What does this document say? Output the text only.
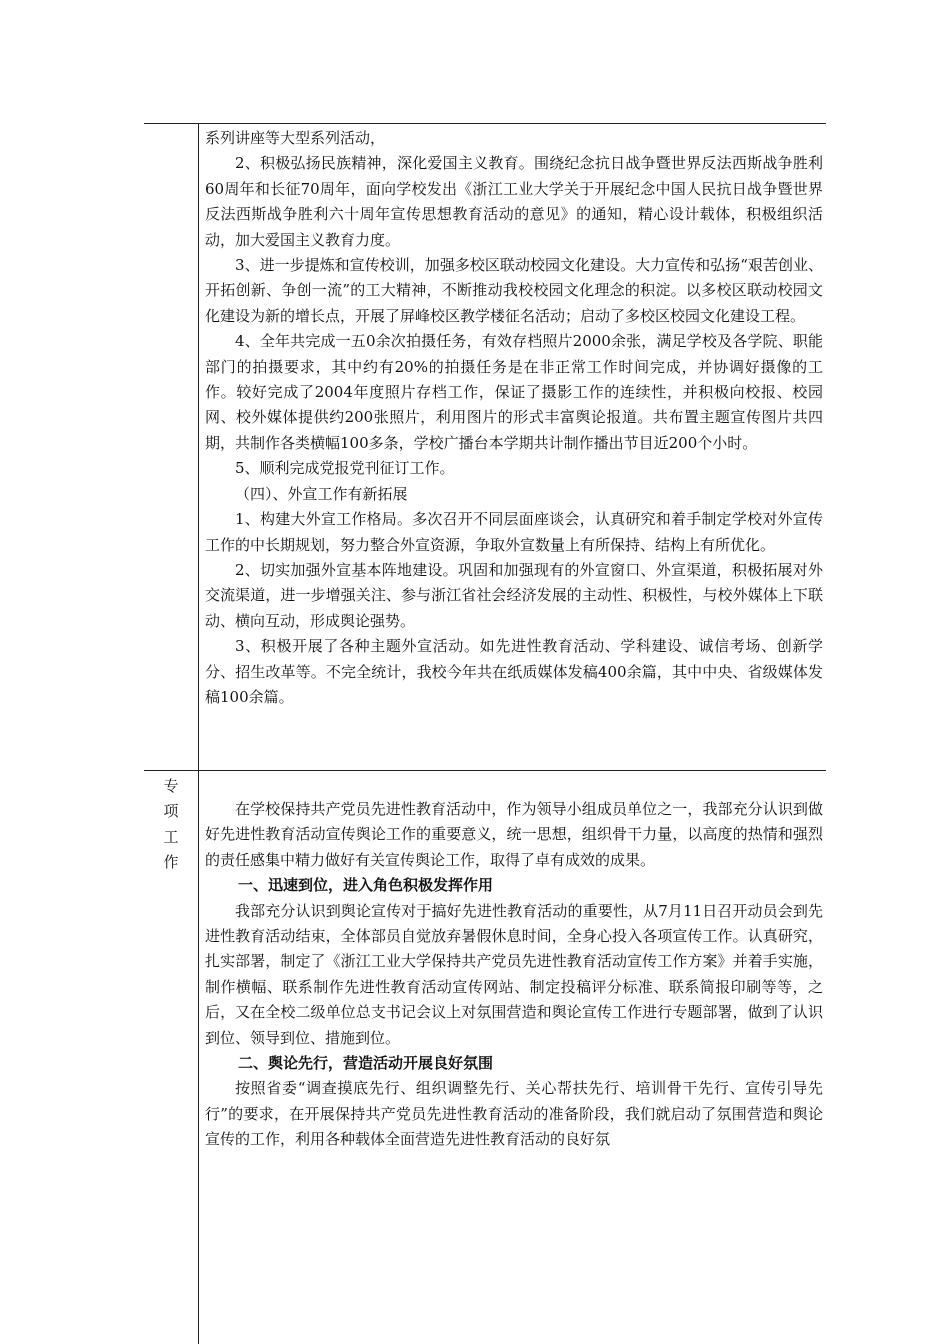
系列讲座等大型系列活动，

2、积极弘扬民族精神，深化爱国主义教育。围绕纪念抗日战争暨世界反法西斯战争胜利60周年和长征70周年，面向学校发出《浙江工业大学关于开展纪念中国人民抗日战争暨世界反法西斯战争胜利六十周年宣传思想教育活动的意见》的通知，精心设计载体，积极组织活动，加大爱国主义教育力度。

3、进一步提炼和宣传校训，加强多校区联动校园文化建设。大力宣传和弘扬“艰苦创业、开拓创新、争创一流”的工大精神，不断推动我校校园文化理念的积淀。以多校区联动校园文化建设为新的增长点，开展了屏峰校区教学楼征名活动；启动了多校区校园文化建设工程。

4、全年共完成一五0余次拍摄任务，有效存档照片2000余张，满足学校及各学院、职能部门的拍摄要求，其中约有20%的拍摄任务是在非正常工作时间完成，并协调好摄像的工作。较好完成了2004年度照片存档工作，保证了摄影工作的连续性，并积极向校报、校园网、校外媒体提供约200张照片，利用图片的形式丰富舆论报道。共布置主题宣传图片共四期，共制作各类横幅100多条，学校广播台本学期共计制作播出节目近200个小时。

5、顺利完成党报党刊征订工作。

（四）、外宣工作有新拓展

1、构建大外宣工作格局。多次召开不同层面座谈会，认真研究和着手制定学校对外宣传工作的中长期规划，努力整合外宣资源，争取外宣数量上有所保持、结构上有所优化。

2、切实加强外宣基本阵地建设。巩固和加强现有的外宣窗口、外宣渠道，积极拓展对外交流渠道，进一步增强关注、参与浙江省社会经济发展的主动性、积极性，与校外媒体上下联动、横向互动，形成舆论强势。

3、积极开展了各种主题外宣活动。如先进性教育活动、学科建设、诚信考场、创新学分、招生改革等。不完全统计，我校今年共在纸质媒体发稿400余篇，其中中央、省级媒体发稿100余篇。

专
项
工
作

在学校保持共产党员先进性教育活动中，作为领导小组成员单位之一，我部充分认识到做好先进性教育活动宣传舆论工作的重要意义，统一思想，组织骨干力量，以高度的热情和强烈的责任感集中精力做好有关宣传舆论工作，取得了卓有成效的成果。

一、迅速到位，进入角色积极发挥作用

我部充分认识到舆论宣传对于搞好先进性教育活动的重要性，从7月11日召开动员会到先进性教育活动结束，全体部员自觉放弃暑假休息时间，全身心投入各项宣传工作。认真研究，扎实部署，制定了《浙江工业大学保持共产党员先进性教育活动宣传工作方案》并着手实施，制作横幅、联系制作先进性教育活动宣传网站、制定投稿评分标准、联系简报印刷等等，之后，又在全校二级单位总支书记会议上对氛围营造和舆论宣传工作进行专题部署，做到了认识到位、领导到位、措施到位。

二、舆论先行，营造活动开展良好氛围

按照省委“调查摸底先行、组织调整先行、关心帮扶先行、培训骨干先行、宣传引导先行”的要求，在开展保持共产党员先进性教育活动的准备阶段，我们就启动了氛围营造和舆论宣传的工作，利用各种载体全面营造先进性教育活动的良好氛
